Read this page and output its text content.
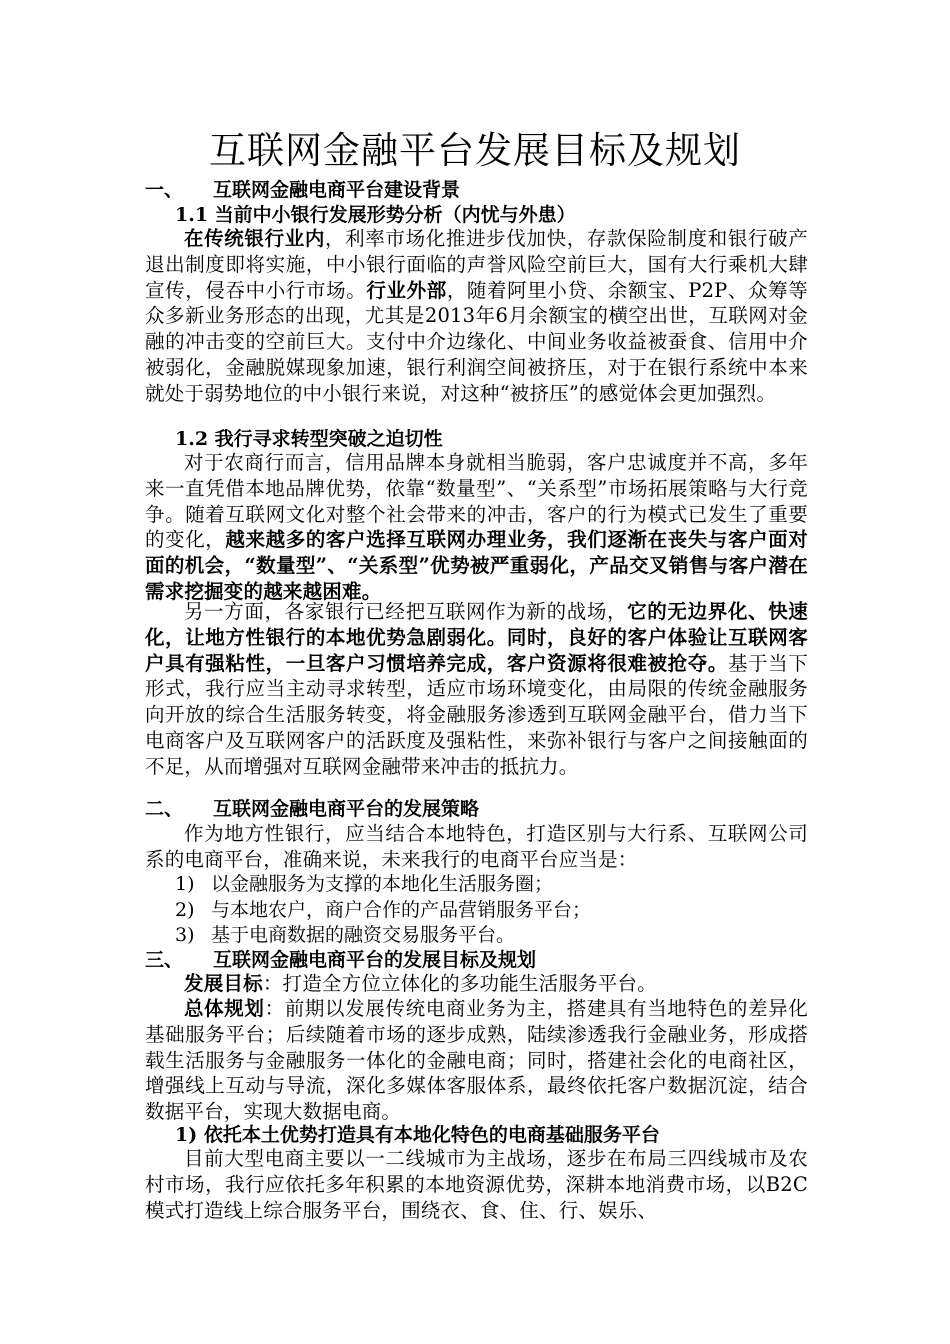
互联网金融平台发展目标及规划
一、 互联网金融电商平台建设背景
1.1 当前中小银行发展形势分析（内忧与外患）

在传统银行业内，利率市场化推进步伐加快，存款保险制度和银行破产退出制度即将实施，中小银行面临的声誉风险空前巨大，国有大行乘机大肆宣传，侵吞中小行市场。行业外部，随着阿里小贷、余额宝、P2P、众筹等众多新业务形态的出现，尤其是2013年6月余额宝的横空出世，互联网对金融的冲击变的空前巨大。支付中介边缘化、中间业务收益被蚕食、信用中介被弱化，金融脱媒现象加速，银行利润空间被挤压，对于在银行系统中本来就处于弱势地位的中小银行来说，对这种“被挤压”的感觉体会更加强烈。

1.2 我行寻求转型突破之迫切性

对于农商行而言，信用品牌本身就相当脆弱，客户忠诚度并不高，多年来一直凭借本地品牌优势，依靠“数量型”、“关系型”市场拓展策略与大行竞争。随着互联网文化对整个社会带来的冲击，客户的行为模式已发生了重要的变化，越来越多的客户选择互联网办理业务，我们逐渐在丧失与客户面对面的机会，“数量型”、“关系型”优势被严重弱化，产品交叉销售与客户潜在需求挖掘变的越来越困难。

另一方面，各家银行已经把互联网作为新的战场，它的无边界化、快速化，让地方性银行的本地优势急剧弱化。同时，良好的客户体验让互联网客户具有强粘性，一旦客户习惯培养完成，客户资源将很难被抢夺。基于当下形式，我行应当主动寻求转型，适应市场环境变化，由局限的传统金融服务向开放的综合生活服务转变，将金融服务渗透到互联网金融平台，借力当下电商客户及互联网客户的活跃度及强粘性，来弥补银行与客户之间接触面的不足，从而增强对互联网金融带来冲击的抵抗力。

二、 互联网金融电商平台的发展策略

作为地方性银行，应当结合本地特色，打造区别与大行系、互联网公司系的电商平台，准确来说，未来我行的电商平台应当是：

1) 以金融服务为支撑的本地化生活服务圈；
2) 与本地农户，商户合作的产品营销服务平台；
3) 基于电商数据的融资交易服务平台。
三、 互联网金融电商平台的发展目标及规划

发展目标：打造全方位立体化的多功能生活服务平台。

总体规划：前期以发展传统电商业务为主，搭建具有当地特色的差异化基础服务平台；后续随着市场的逐步成熟，陆续渗透我行金融业务，形成搭载生活服务与金融服务一体化的金融电商；同时，搭建社会化的电商社区，增强线上互动与导流，深化多媒体客服体系，最终依托客户数据沉淀，结合数据平台，实现大数据电商。

1) 依托本土优势打造具有本地化特色的电商基础服务平台

目前大型电商主要以一二线城市为主战场，逐步在布局三四线城市及农村市场，我行应依托多年积累的本地资源优势，深耕本地消费市场，以B2C模式打造线上综合服务平台，围绕衣、食、住、行、娱乐、
